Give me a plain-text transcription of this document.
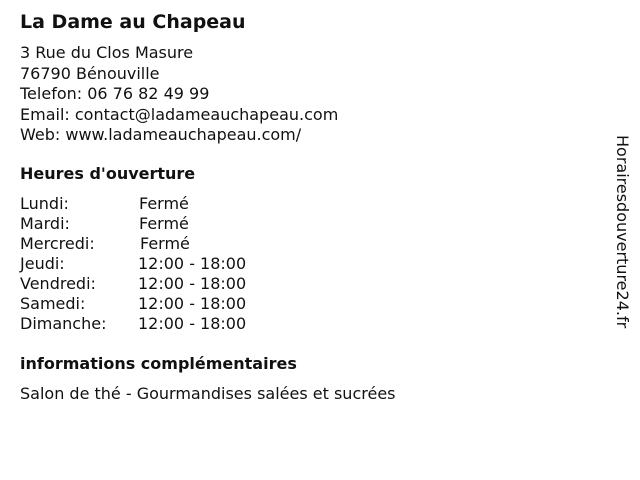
La Dame au Chapeau
3 Rue du Clos Masure
76790 Bénouville
Telefon: 06 76 82 49 99
Email: contact@ladameauchapeau.com
Web: www.ladameauchapeau.com/
Heures d'ouverture
Lundi:	Fermé
Mardi:	Fermé
Mercredi:	Fermé
Jeudi:	12:00 - 18:00
Vendredi:	12:00 - 18:00
Samedi:	12:00 - 18:00
Dimanche: 12:00 - 18:00
informations complémentaires
Salon de thé - Gourmandises salées et sucrées
Horairesdouverture24.fr
